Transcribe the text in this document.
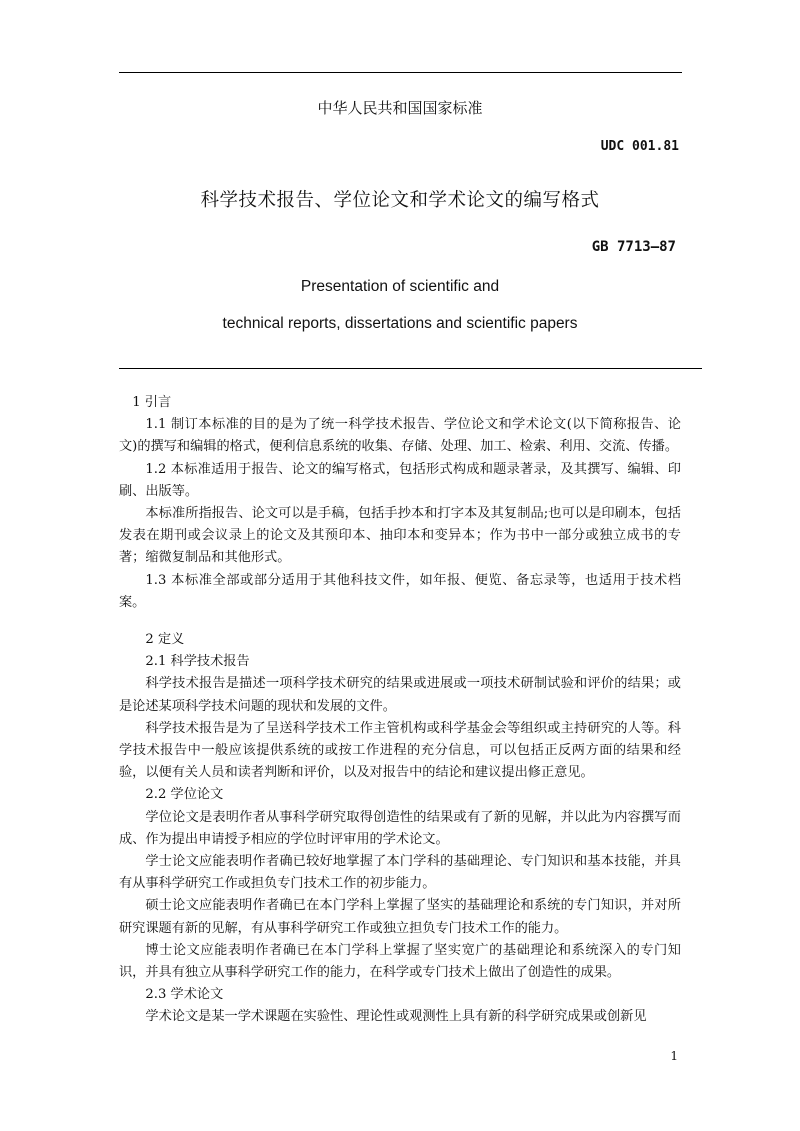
中华人民共和国国家标准
UDC 001.81
科学技术报告、学位论文和学术论文的编写格式
GB 7713—87
Presentation of scientific and
technical reports, dissertations and scientific papers

1 引言

1.1 制订本标准的目的是为了统一科学技术报告、学位论文和学术论文(以下简称报告、论文)的撰写和编辑的格式，便利信息系统的收集、存储、处理、加工、检索、利用、交流、传播。

1.2 本标准适用于报告、论文的编写格式，包括形式构成和题录著录，及其撰写、编辑、印刷、出版等。

本标准所指报告、论文可以是手稿，包括手抄本和打字本及其复制品;也可以是印刷本，包括发表在期刊或会议录上的论文及其预印本、抽印本和变异本；作为书中一部分或独立成书的专著；缩微复制品和其他形式。

1.3 本标准全部或部分适用于其他科技文件，如年报、便览、备忘录等，也适用于技术档案。

2 定义

2.1 科学技术报告

科学技术报告是描述一项科学技术研究的结果或进展或一项技术研制试验和评价的结果；或是论述某项科学技术问题的现状和发展的文件。

科学技术报告是为了呈送科学技术工作主管机构或科学基金会等组织或主持研究的人等。科学技术报告中一般应该提供系统的或按工作进程的充分信息，可以包括正反两方面的结果和经验，以便有关人员和读者判断和评价，以及对报告中的结论和建议提出修正意见。

2.2 学位论文

学位论文是表明作者从事科学研究取得创造性的结果或有了新的见解，并以此为内容撰写而成、作为提出申请授予相应的学位时评审用的学术论文。

学士论文应能表明作者确已较好地掌握了本门学科的基础理论、专门知识和基本技能，并具有从事科学研究工作或担负专门技术工作的初步能力。

硕士论文应能表明作者确已在本门学科上掌握了坚实的基础理论和系统的专门知识，并对所研究课题有新的见解，有从事科学研究工作或独立担负专门技术工作的能力。

博士论文应能表明作者确已在本门学科上掌握了坚实宽广的基础理论和系统深入的专门知识，并具有独立从事科学研究工作的能力，在科学或专门技术上做出了创造性的成果。

2.3 学术论文

学术论文是某一学术课题在实验性、理论性或观测性上具有新的科学研究成果或创新见

1
